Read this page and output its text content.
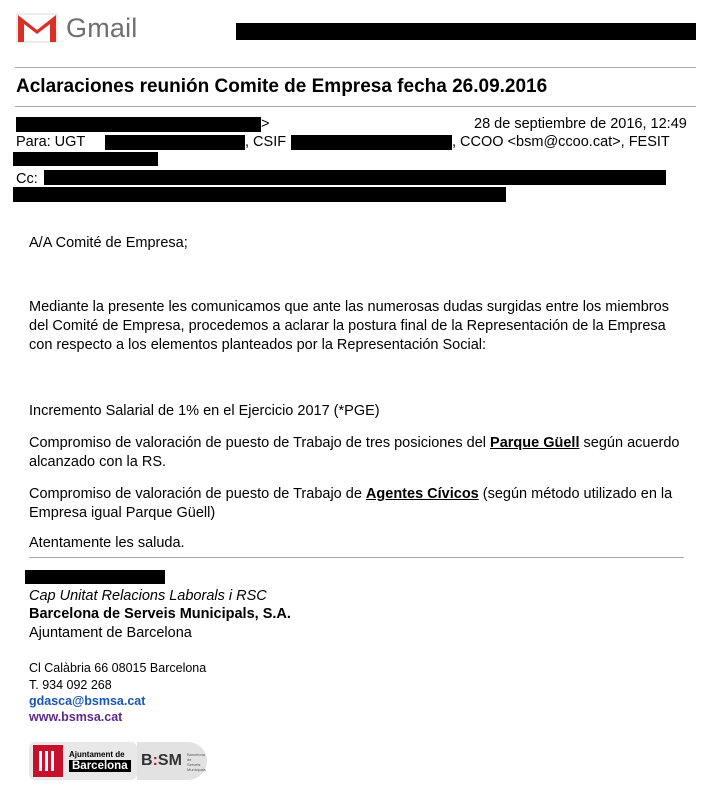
Gmail
Aclaraciones reunión Comite de Empresa fecha 26.09.2016
>	28 de septiembre de 2016, 12:49
Para: UGT	, CSIF	, CCOO <bsm@ccoo.cat>, FESIT
Cc:
A/A Comité de Empresa;
Mediante la presente les comunicamos que ante las numerosas dudas surgidas entre los miembros del Comité de Empresa, procedemos a aclarar la postura final de la Representación de la Empresa con respecto a los elementos planteados por la Representación Social:
Incremento Salarial de 1% en el Ejercicio 2017 (*PGE)
Compromiso de valoración de puesto de Trabajo de tres posiciones del Parque Güell según acuerdo alcanzado con la RS.
Compromiso de valoración de puesto de Trabajo de Agentes Cívicos (según método utilizado en la Empresa igual Parque Güell)
Atentamente les saluda.
Cap Unitat Relacions Laborals i RSC
Barcelona de Serveis Municipals, S.A.
Ajuntament de Barcelona
Cl Calàbria 66 08015 Barcelona
T. 934 092 268
gdasca@bsmsa.cat
www.bsmsa.cat
Ajuntament de
Barcelona B:SM Barcelona de Serveis Municipals
